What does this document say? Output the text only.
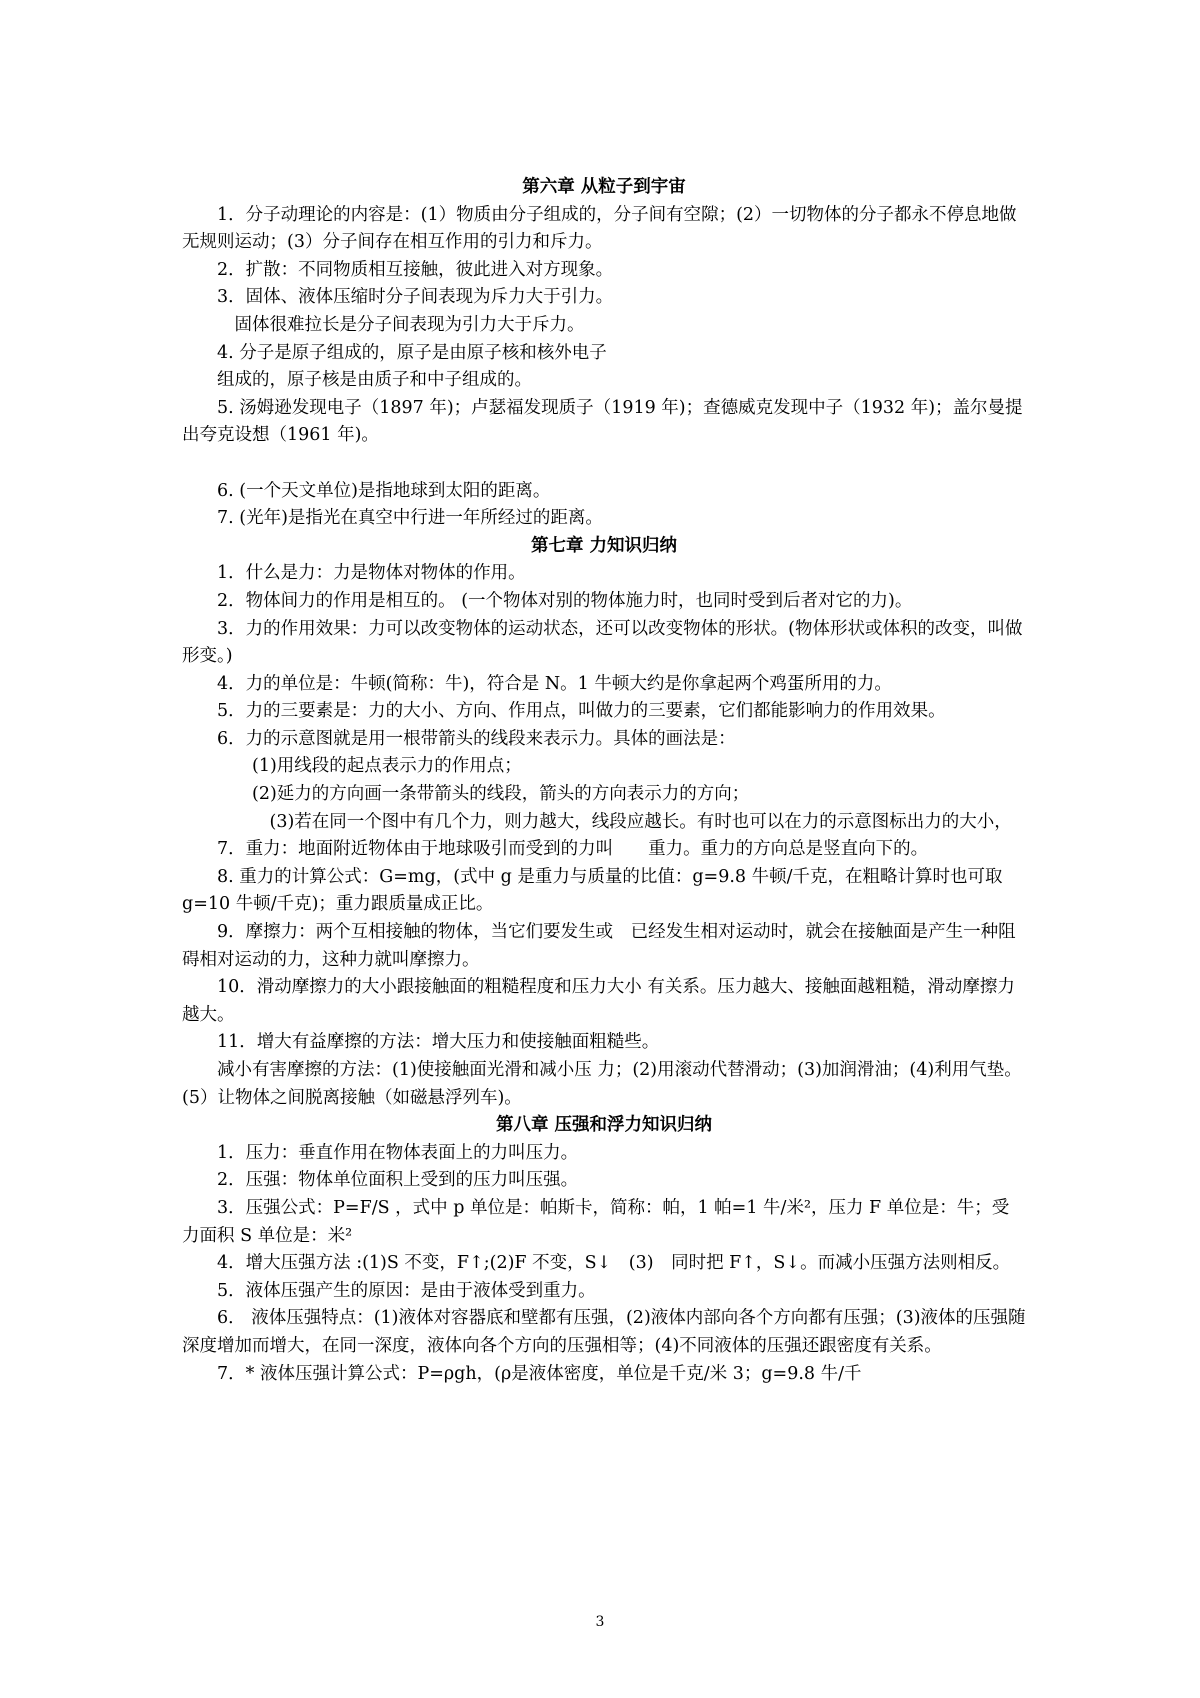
第六章 从粒子到宇宙

1．分子动理论的内容是：(1）物质由分子组成的，分子间有空隙；(2）一切物体的分子都永不停息地做无规则运动；(3）分子间存在相互作用的引力和斥力。

2．扩散：不同物质相互接触，彼此进入对方现象。

3．固体、液体压缩时分子间表现为斥力大于引力。

固体很难拉长是分子间表现为引力大于斥力。

4. 分子是原子组成的，原子是由原子核和核外电子

组成的，原子核是由质子和中子组成的。

5. 汤姆逊发现电子（1897 年)；卢瑟福发现质子（1919 年)；查德威克发现中子（1932 年)；盖尔曼提出夸克设想（1961 年)。

6. (一个天文单位)是指地球到太阳的距离。

7. (光年)是指光在真空中行进一年所经过的距离。

第七章 力知识归纳

1．什么是力：力是物体对物体的作用。

2．物体间力的作用是相互的。 (一个物体对别的物体施力时，也同时受到后者对它的力)。

3．力的作用效果：力可以改变物体的运动状态，还可以改变物体的形状。(物体形状或体积的改变，叫做形变。)

4．力的单位是：牛顿(简称：牛)，符合是 N。1 牛顿大约是你拿起两个鸡蛋所用的力。

5．力的三要素是：力的大小、方向、作用点，叫做力的三要素，它们都能影响力的作用效果。

6．力的示意图就是用一根带箭头的线段来表示力。具体的画法是：

(1)用线段的起点表示力的作用点；

(2)延力的方向画一条带箭头的线段，箭头的方向表示力的方向；

(3)若在同一个图中有几个力，则力越大，线段应越长。有时也可以在力的示意图标出力的大小，

7．重力：地面附近物体由于地球吸引而受到的力叫　　重力。重力的方向总是竖直向下的。

8. 重力的计算公式：G=mg，(式中 g 是重力与质量的比值：g=9.8 牛顿/千克，在粗略计算时也可取 g=10 牛顿/千克)；重力跟质量成正比。

9．摩擦力：两个互相接触的物体，当它们要发生或　已经发生相对运动时，就会在接触面是产生一种阻碍相对运动的力，这种力就叫摩擦力。

10．滑动摩擦力的大小跟接触面的粗糙程度和压力大小 有关系。压力越大、接触面越粗糙，滑动摩擦力越大。

11．增大有益摩擦的方法：增大压力和使接触面粗糙些。

减小有害摩擦的方法：(1)使接触面光滑和减小压 力；(2)用滚动代替滑动；(3)加润滑油；(4)利用气垫。(5）让物体之间脱离接触（如磁悬浮列车)。

第八章 压强和浮力知识归纳

1．压力：垂直作用在物体表面上的力叫压力。

2．压强：物体单位面积上受到的压力叫压强。

3．压强公式：P=F/S ，式中 p 单位是：帕斯卡，简称：帕，1 帕=1 牛/米²，压力 F 单位是：牛；受力面积 S 单位是：米²

4．增大压强方法 :(1)S 不变，F↑;(2)F 不变，S↓　(3)　同时把 F↑，S↓。而减小压强方法则相反。

5．液体压强产生的原因：是由于液体受到重力。

6． 液体压强特点：(1)液体对容器底和壁都有压强，(2)液体内部向各个方向都有压强；(3)液体的压强随深度增加而增大，在同一深度，液体向各个方向的压强相等；(4)不同液体的压强还跟密度有关系。

7．* 液体压强计算公式：P=ρgh，(ρ是液体密度，单位是千克/米 3；g=9.8 牛/千

3
